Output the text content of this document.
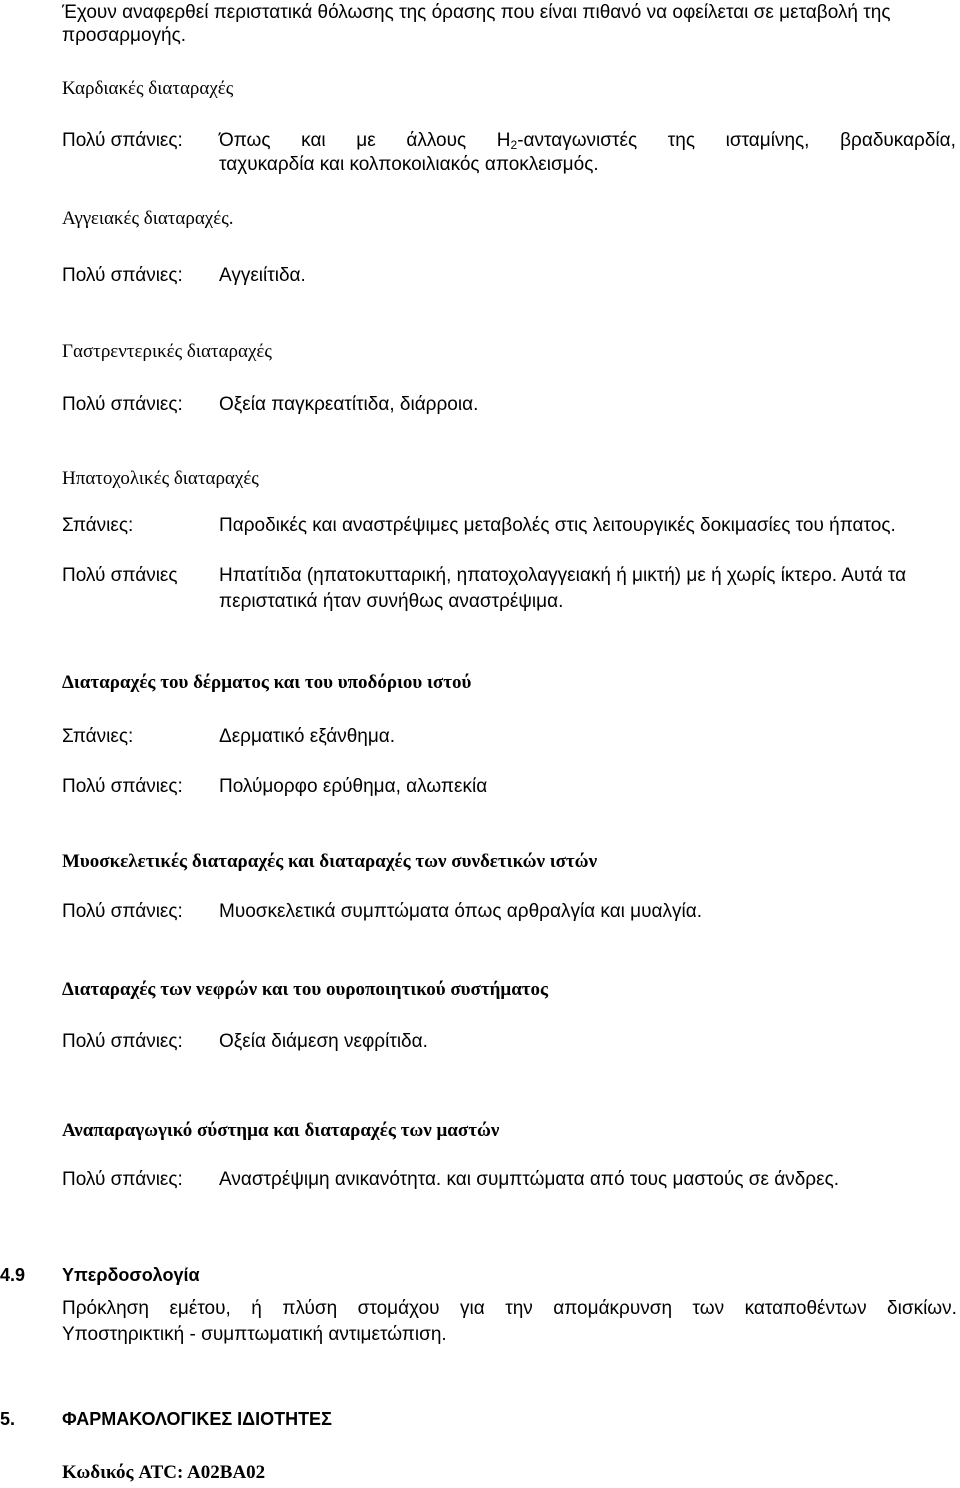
Έχουν αναφερθεί περιστατικά θόλωσης της όρασης που είναι πιθανό να οφείλεται σε μεταβολή της
προσαρμογής.
Καρδιακές διαταραχές
Πολύ σπάνιες: Όπως και με άλλους $H_2$-ανταγωνιστές της ισταμίνης, βραδυκαρδία,
ταχυκαρδία και κολποκοιλιακός αποκλεισμός.
Αγγειακές διαταραχές.
Πολύ σπάνιες: Αγγειίτιδα.
Γαστρεντερικές διαταραχές
Πολύ σπάνιες: Οξεία παγκρεατίτιδα, διάρροια.
Ηπατοχολικές διαταραχές
Σπάνιες:	Παροδικές και αναστρέψιμες μεταβολές στις λειτουργικές δοκιμασίες του ήπατος.
Πολύ σπάνιες Ηπατίτιδα (ηπατοκυτταρική, ηπατοχολαγγειακή ή μικτή) με ή χωρίς ίκτερο. Αυτά τα
περιστατικά ήταν συνήθως αναστρέψιμα.
Διαταραχές του δέρματος και του υποδόριου ιστού
Σπάνιες:	Δερματικό εξάνθημα.
Πολύ σπάνιες: Πολύμορφο ερύθημα, αλωπεκία
Μυοσκελετικές διαταραχές και διαταραχές των συνδετικών ιστών
Πολύ σπάνιες: Μυοσκελετικά συμπτώματα όπως αρθραλγία και μυαλγία.
Διαταραχές των νεφρών και του ουροποιητικού συστήματος
Πολύ σπάνιες: Οξεία διάμεση νεφρίτιδα.
Αναπαραγωγικό σύστημα και διαταραχές των μαστών
Πολύ σπάνιες: Αναστρέψιμη ανικανότητα. και συμπτώματα από τους μαστούς σε άνδρες.
4.9 Υπερδοσολογία
Πρόκληση εμέτου, ή πλύση στομάχου για την απομάκρυνση των καταποθέντων δισκίων.
Υποστηρικτική - συμπτωματική αντιμετώπιση.
5.	ΦΑΡΜΑΚΟΛΟΓΙΚΕΣ ΙΔΙΟΤΗΤΕΣ
Κωδικός ATC: A02BA02
